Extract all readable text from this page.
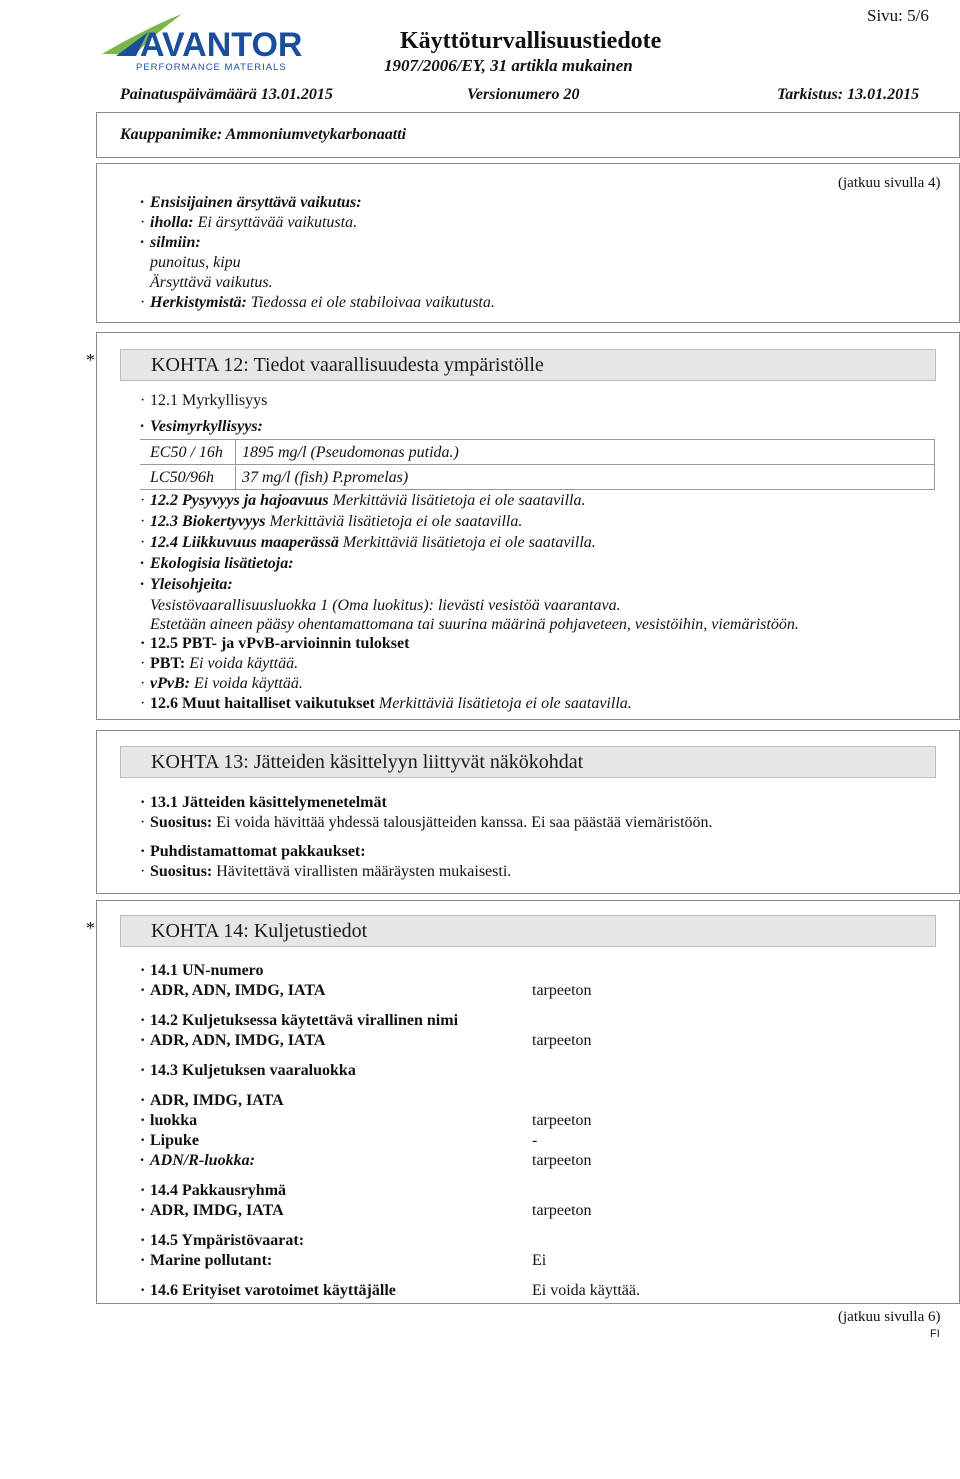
AVANTOR
PERFORMANCE MATERIALS
Käyttöturvallisuustiedote
1907/2006/EY, 31 artikla mukainen
Sivu: 5/6
Painatuspäivämäärä 13.01.2015	Versionumero 20	Tarkistus: 13.01.2015
Kauppanimike: Ammoniumvetykarbonaatti
(jatkuu sivulla 4)
· Ensisijainen ärsyttävä vaikutus:
· iholla: Ei ärsyttävää vaikutusta.
· silmiin:
punoitus, kipu
Ärsyttävä vaikutus.
· Herkistymistä: Tiedossa ei ole stabiloivaa vaikutusta.
*	KOHTA 12: Tiedot vaarallisuudesta ympäristölle
· 12.1 Myrkyllisyys
· Vesimyrkyllisyys:
EC50 / 16h 1895 mg/l (Pseudomonas putida.)
LC50/96h 37 mg/l (fish) P.promelas)
· 12.2 Pysyvyys ja hajoavuus Merkittäviä lisätietoja ei ole saatavilla.
· 12.3 Biokertyvyys Merkittäviä lisätietoja ei ole saatavilla.
· 12.4 Liikkuvuus maaperässä Merkittäviä lisätietoja ei ole saatavilla.
· Ekologisia lisätietoja:
· Yleisohjeita:
Vesistövaarallisuusluokka 1 (Oma luokitus): lievästi vesistöä vaarantava.
Estetään aineen pääsy ohentamattomana tai suurina määrinä pohjaveteen, vesistöihin, viemäristöön.
· 12.5 PBT- ja vPvB-arvioinnin tulokset
· PBT: Ei voida käyttää.
· vPvB: Ei voida käyttää.
· 12.6 Muut haitalliset vaikutukset Merkittäviä lisätietoja ei ole saatavilla.
KOHTA 13: Jätteiden käsittelyyn liittyvät näkökohdat
· 13.1 Jätteiden käsittelymenetelmät
· Suositus: Ei voida hävittää yhdessä talousjätteiden kanssa. Ei saa päästää viemäristöön.
· Puhdistamattomat pakkaukset:
· Suositus: Hävitettävä virallisten määräysten mukaisesti.
*	KOHTA 14: Kuljetustiedot
· 14.1 UN-numero
· ADR, ADN, IMDG, IATA	tarpeeton
· 14.2 Kuljetuksessa käytettävä virallinen nimi
· ADR, ADN, IMDG, IATA	tarpeeton
· 14.3 Kuljetuksen vaaraluokka
· ADR, IMDG, IATA
· luokka	tarpeeton
· Lipuke	-
· ADN/R-luokka:	tarpeeton
· 14.4 Pakkausryhmä
· ADR, IMDG, IATA	tarpeeton
· 14.5 Ympäristövaarat:
· Marine pollutant:	Ei
· 14.6 Erityiset varotoimet käyttäjälle	Ei voida käyttää.
(jatkuu sivulla 6)
FI
